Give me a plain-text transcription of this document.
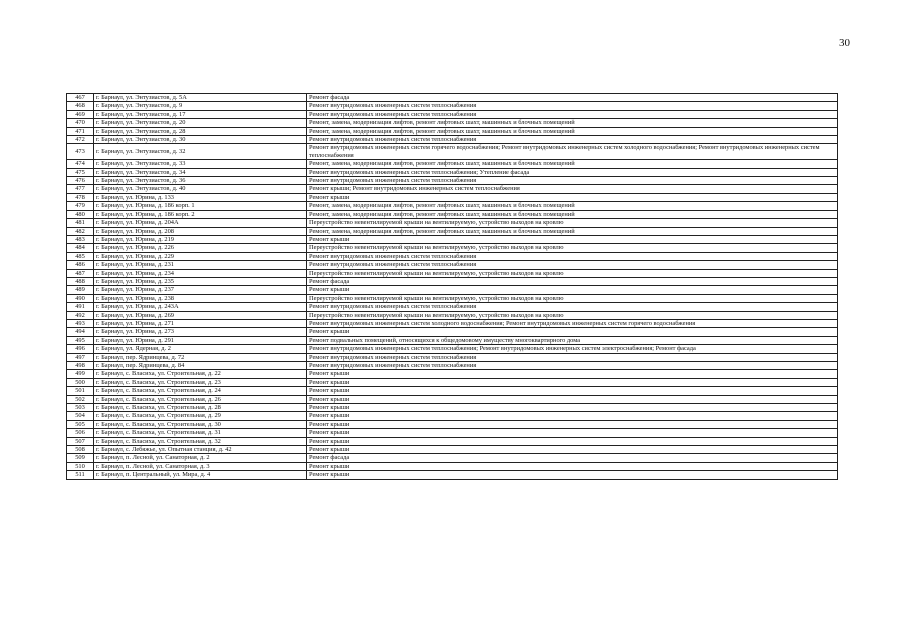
30
467	г. Барнаул, ул. Энтузиастов, д. 5А	Ремонт фасада
468	г. Барнаул, ул. Энтузиастов, д. 9	Ремонт внутридомовых инженерных систем теплоснабжения
469	г. Барнаул, ул. Энтузиастов, д. 17	Ремонт внутридомовых инженерных систем теплоснабжения
470	г. Барнаул, ул. Энтузиастов, д. 20	Ремонт, замена, модернизация лифтов, ремонт лифтовых шахт, машинных и блочных помещений
471	г. Барнаул, ул. Энтузиастов, д. 28	Ремонт, замена, модернизация лифтов, ремонт лифтовых шахт, машинных и блочных помещений
472	г. Барнаул, ул. Энтузиастов, д. 30	Ремонт внутридомовых инженерных систем теплоснабжения
473	г. Барнаул, ул. Энтузиастов, д. 32	Ремонт внутридомовых инженерных систем горячего водоснабжения; Ремонт внутридомовых инженерных систем холодного водоснабжения; Ремонт внутридомовых инженерных систем теплоснабжения
474	г. Барнаул, ул. Энтузиастов, д. 33	Ремонт, замена, модернизация лифтов, ремонт лифтовых шахт, машинных и блочных помещений
475	г. Барнаул, ул. Энтузиастов, д. 34	Ремонт внутридомовых инженерных систем теплоснабжения; Утепление фасада
476	г. Барнаул, ул. Энтузиастов, д. 36	Ремонт внутридомовых инженерных систем теплоснабжения
477	г. Барнаул, ул. Энтузиастов, д. 40	Ремонт крыши; Ремонт внутридомовых инженерных систем теплоснабжения
478	г. Барнаул, ул. Юрина, д. 133	Ремонт крыши
479	г. Барнаул, ул. Юрина, д. 186 корп. 1	Ремонт, замена, модернизация лифтов, ремонт лифтовых шахт, машинных и блочных помещений
480	г. Барнаул, ул. Юрина, д. 186 корп. 2	Ремонт, замена, модернизация лифтов, ремонт лифтовых шахт, машинных и блочных помещений
481	г. Барнаул, ул. Юрина, д. 204А	Переустройство невентилируемой крыши на вентилируемую, устройство выходов на кровлю
482	г. Барнаул, ул. Юрина, д. 208	Ремонт, замена, модернизация лифтов, ремонт лифтовых шахт, машинных и блочных помещений
483	г. Барнаул, ул. Юрина, д. 219	Ремонт крыши
484	г. Барнаул, ул. Юрина, д. 226	Переустройство невентилируемой крыши на вентилируемую, устройство выходов на кровлю
485	г. Барнаул, ул. Юрина, д. 229	Ремонт внутридомовых инженерных систем теплоснабжения
486	г. Барнаул, ул. Юрина, д. 231	Ремонт внутридомовых инженерных систем теплоснабжения
487	г. Барнаул, ул. Юрина, д. 234	Переустройство невентилируемой крыши на вентилируемую, устройство выходов на кровлю
488	г. Барнаул, ул. Юрина, д. 235	Ремонт фасада
489	г. Барнаул, ул. Юрина, д. 237	Ремонт крыши
490	г. Барнаул, ул. Юрина, д. 238	Переустройство невентилируемой крыши на вентилируемую, устройство выходов на кровлю
491	г. Барнаул, ул. Юрина, д. 243А	Ремонт внутридомовых инженерных систем теплоснабжения
492	г. Барнаул, ул. Юрина, д. 269	Переустройство невентилируемой крыши на вентилируемую, устройство выходов на кровлю
493	г. Барнаул, ул. Юрина, д. 271	Ремонт внутридомовых инженерных систем холодного водоснабжения; Ремонт внутридомовых инженерных систем горячего водоснабжения
494	г. Барнаул, ул. Юрина, д. 273	Ремонт крыши
495	г. Барнаул, ул. Юрина, д. 291	Ремонт подвальных помещений, относящихся к общедомовому имуществу многоквартирного дома
496	г. Барнаул, ул. Ядерная, д. 2	Ремонт внутридомовых инженерных систем теплоснабжения; Ремонт внутридомовых инженерных систем электроснабжения; Ремонт фасада
497	г. Барнаул, пер. Ядринцева, д. 72	Ремонт внутридомовых инженерных систем теплоснабжения
498	г. Барнаул, пер. Ядринцева, д. 84	Ремонт внутридомовых инженерных систем теплоснабжения
499	г. Барнаул, с. Власиха, ул. Строительная, д. 22	Ремонт крыши
500	г. Барнаул, с. Власиха, ул. Строительная, д. 23	Ремонт крыши
501	г. Барнаул, с. Власиха, ул. Строительная, д. 24	Ремонт крыши
502	г. Барнаул, с. Власиха, ул. Строительная, д. 26	Ремонт крыши
503	г. Барнаул, с. Власиха, ул. Строительная, д. 28	Ремонт крыши
504	г. Барнаул, с. Власиха, ул. Строительная, д. 29	Ремонт крыши
505	г. Барнаул, с. Власиха, ул. Строительная, д. 30	Ремонт крыши
506	г. Барнаул, с. Власиха, ул. Строительная, д. 31	Ремонт крыши
507	г. Барнаул, с. Власиха, ул. Строительная, д. 32	Ремонт крыши
508	г. Барнаул, с. Лебяжье, ул. Опытная станция, д. 42	Ремонт крыши
509	г. Барнаул, п. Лесной, ул. Санаторная, д. 2	Ремонт фасада
510	г. Барнаул, п. Лесной, ул. Санаторная, д. 3	Ремонт крыши
511	г. Барнаул, п. Центральный, ул. Мира, д. 4	Ремонт крыши
